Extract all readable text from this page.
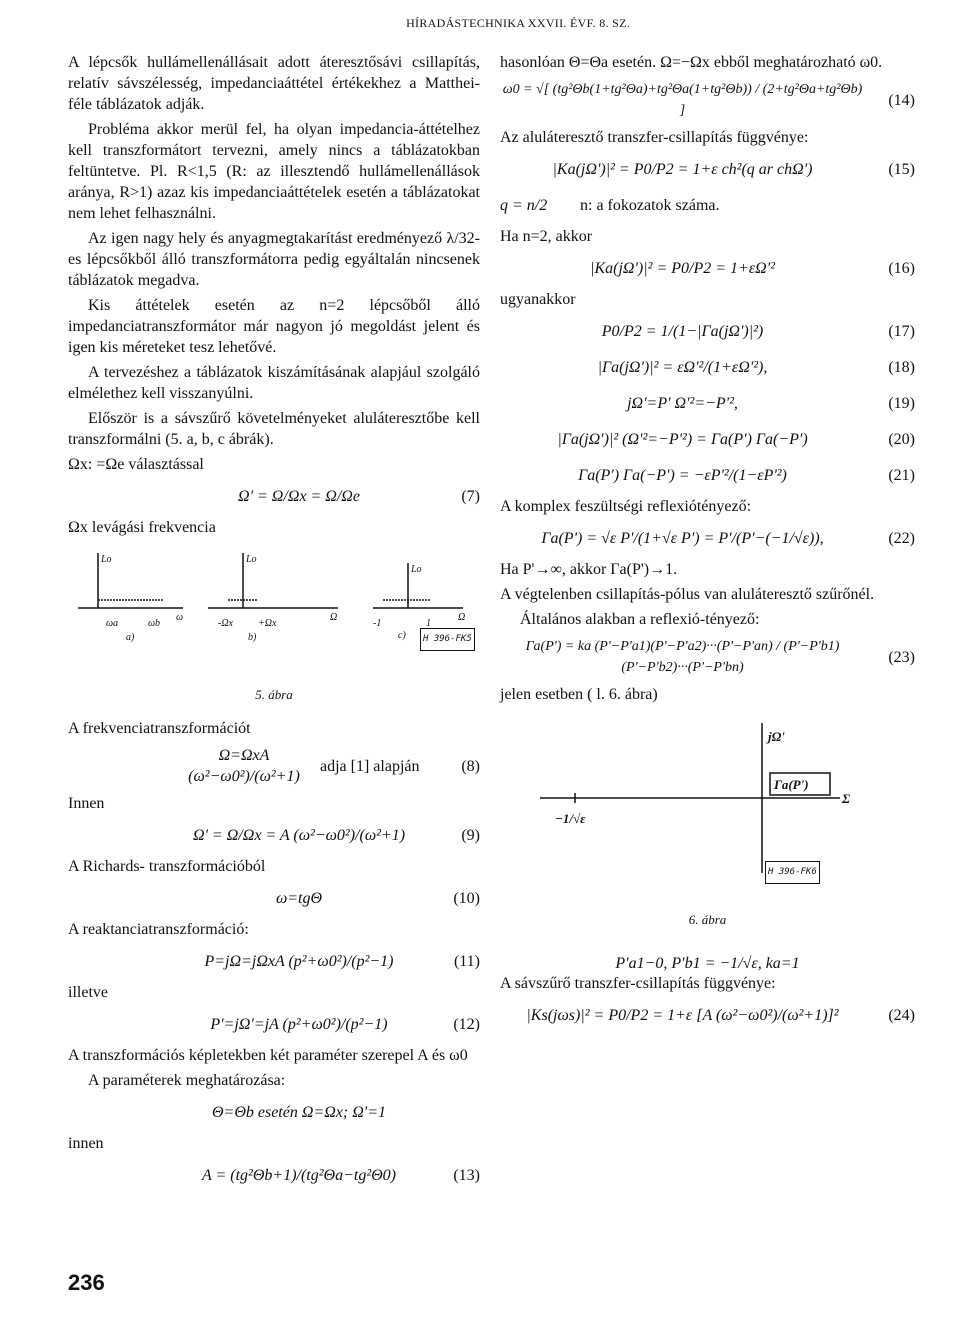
HÍRADÁSTECHNIKA XXVII. ÉVF. 8. SZ.

A lépcsők hullámellenállásait adott áteresztősávi csillapítás, relatív sávszélesség, impedanciaáttétel értékekhez a Matthei-féle táblázatok adják.

Probléma akkor merül fel, ha olyan impedancia-áttételhez kell transzformátort tervezni, amely nincs a táblázatokban feltüntetve. Pl. R<1,5 (R: az illesztendő hullámellenállások aránya, R>1) azaz kis impedanciaáttételek esetén a táblázatokat nem lehet felhasználni.

Az igen nagy hely és anyagmegtakarítást eredményező λ/32-es lépcsőkből álló transzformátorra pedig egyáltalán nincsenek táblázatok megadva.

Kis áttételek esetén az n=2 lépcsőből álló impedanciatranszformátor már nagyon jó megoldást jelent és igen kis méreteket tesz lehetővé.

A tervezéshez a táblázatok kiszámításának alapjául szolgáló elmélethez kell visszanyúlni.

Először is a sávszűrő követelményeket aluláteresztőbe kell transzformálni (5. a, b, c ábrák).

Ωx: =Ωe választással

Ω' = Ω/Ωx = Ω/Ωe	(7)

Ωx levágási frekvencia

Lo	Lo
Lo
ωa	ωb
ω
a)
-Ωx	+Ωx
b)
Ω
-1	1
c)
Ω
H 396-FK5
5. ábra

A frekvenciatranszformációt

Ω=ΩxA (ω²−ω0²)/(ω²+1)
adja [1] alapján	(8)

Innen

Ω' = Ω/Ωx = A (ω²−ω0²)/(ω²+1)	(9)

A Richards- transzformációból

ω=tgΘ	(10)

A reaktanciatranszformáció:

P=jΩ=jΩxA (p²+ω0²)/(p²−1)	(11)

illetve

P'=jΩ'=jA (p²+ω0²)/(p²−1)	(12)

A transzformációs képletekben két paraméter szerepel A és ω0

A paraméterek meghatározása:

Θ=Θb esetén Ω=Ωx; Ω'=1

innen

A = (tg²Θb+1)/(tg²Θa−tg²Θ0)	(13)

hasonlóan Θ=Θa esetén. Ω=−Ωx ebből meghatározható ω0.

ω0 = √[ (tg²Θb(1+tg²Θa)+tg²Θa(1+tg²Θb)) / (2+tg²Θa+tg²Θb) ]
(14)

Az aluláteresztő transzfer-csillapítás függvénye:

|Ka(jΩ')|² = P0/P2 = 1+ε ch²(q ar chΩ')	(15)
q = n/2	n: a fokozatok száma.

Ha n=2, akkor

|Ka(jΩ')|² = P0/P2 = 1+εΩ'²	(16)

ugyanakkor

P0/P2 = 1/(1−|Γa(jΩ')|²)	(17)
|Γa(jΩ')|² = εΩ'²/(1+εΩ'²),	(18)
jΩ'=P' Ω'²=−P'²,	(19)
|Γa(jΩ')|² (Ω'²=−P'²) = Γa(P') Γa(−P')	(20)
Γa(P') Γa(−P') = −εP'²/(1−εP'²)	(21)

A komplex feszültségi reflexiótényező:

Γa(P') = √ε P'/(1+√ε P') = P'/(P'−(−1/√ε)),	(22)

Ha P'→∞, akkor Γa(P')→1.

A végtelenben csillapítás-pólus van aluláteresztő szűrőnél.

Általános alakban a reflexió-tényező:

Γa(P') = ka (P'−P'a1)(P'−P'a2)···(P'−P'an) / (P'−P'b1)(P'−P'b2)···(P'−P'bn)
(23)

jelen esetben ( l. 6. ábra)

jΩ'
Γa(P')
Σ
−1/√ε
H 396-FK6
6. ábra
P'a1−0, P'b1 = −1/√ε, ka=1

A sávszűrő transzfer-csillapítás függvénye:

|Ks(jωs)|² = P0/P2 = 1+ε [A (ω²−ω0²)/(ω²+1)]²	(24)
236
